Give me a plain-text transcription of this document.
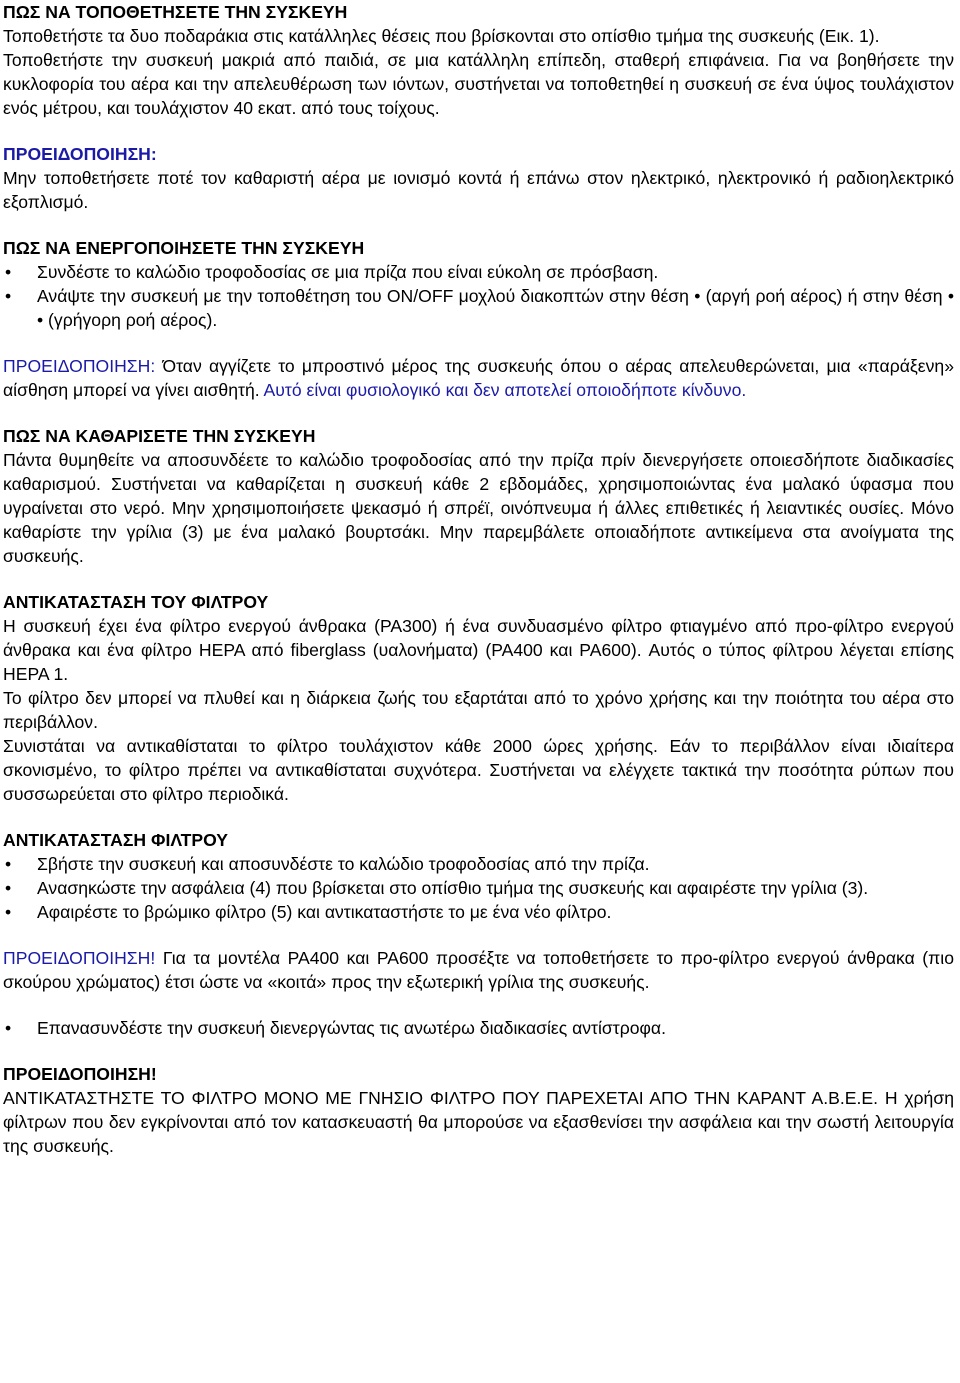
ΠΩΣ ΝΑ ΤΟΠΟΘΕΤΗΣΕΤΕ ΤΗΝ ΣΥΣΚΕΥΗ

Τοποθετήστε τα δυο ποδαράκια στις κατάλληλες θέσεις που βρίσκονται στο οπίσθιο τμήμα της συσκευής (Εικ. 1).

Τοποθετήστε την συσκευή μακριά από παιδιά, σε μια κατάλληλη επίπεδη, σταθερή επιφάνεια. Για να βοηθήσετε την κυκλοφορία του αέρα και την απελευθέρωση των ιόντων, συστήνεται να τοποθετηθεί η συσκευή σε ένα ύψος τουλάχιστον ενός μέτρου, και τουλάχιστον 40 εκατ. από τους τοίχους.

ΠΡΟΕΙΔΟΠΟΙΗΣΗ:

Μην τοποθετήσετε ποτέ τον καθαριστή αέρα με ιονισμό κοντά ή επάνω στον ηλεκτρικό, ηλεκτρονικό ή ραδιοηλεκτρικό εξοπλισμό.

ΠΩΣ ΝΑ ΕΝΕΡΓΟΠΟΙΗΣΕΤΕ ΤΗΝ ΣΥΣΚΕΥΗ
• Συνδέστε το καλώδιο τροφοδοσίας σε μια πρίζα που είναι εύκολη σε πρόσβαση.
• Ανάψτε την συσκευή με την τοποθέτηση του ON/OFF μοχλού διακοπτών στην θέση • (αργή ροή αέρος) ή στην θέση • • (γρήγορη ροή αέρος).

ΠΡΟΕΙΔΟΠΟΙΗΣΗ: Όταν αγγίζετε το μπροστινό μέρος της συσκευής όπου ο αέρας απελευθερώνεται, μια «παράξενη» αίσθηση μπορεί να γίνει αισθητή. Αυτό είναι φυσιολογικό και δεν αποτελεί οποιοδήποτε κίνδυνο.

ΠΩΣ ΝΑ ΚΑΘΑΡΙΣΕΤΕ ΤΗΝ ΣΥΣΚΕΥΗ

Πάντα θυμηθείτε να αποσυνδέετε το καλώδιο τροφοδοσίας από την πρίζα πρίν διενεργήσετε οποιεσδήποτε διαδικασίες καθαρισμού. Συστήνεται να καθαρίζεται η συσκευή κάθε 2 εβδομάδες, χρησιμοποιώντας ένα μαλακό ύφασμα που υγραίνεται στο νερό. Μην χρησιμοποιήσετε ψεκασμό ή σπρέϊ, οινόπνευμα ή άλλες επιθετικές ή λειαντικές ουσίες. Μόνο καθαρίστε την γρίλια (3) με ένα μαλακό βουρτσάκι. Μην παρεμβάλετε οποιαδήποτε αντικείμενα στα ανοίγματα της συσκευής.

ΑΝΤΙΚΑΤΑΣΤΑΣΗ ΤΟΥ ΦΙΛΤΡΟΥ

Η συσκευή έχει ένα φίλτρο ενεργού άνθρακα (PA300) ή ένα συνδυασμένο φίλτρο φτιαγμένο από προ-φίλτρο ενεργού άνθρακα και ένα φίλτρο HEPA από fiberglass (υαλονήματα) (PA400 και PA600). Αυτός ο τύπος φίλτρου λέγεται επίσης HEPA 1.

Το φίλτρο δεν μπορεί να πλυθεί και η διάρκεια ζωής του εξαρτάται από το χρόνο χρήσης και την ποιότητα του αέρα στο περιβάλλον.

Συνιστάται να αντικαθίσταται το φίλτρο τουλάχιστον κάθε 2000 ώρες χρήσης. Εάν το περιβάλλον είναι ιδιαίτερα σκονισμένο, το φίλτρο πρέπει να αντικαθίσταται συχνότερα. Συστήνεται να ελέγχετε τακτικά την ποσότητα ρύπων που συσσωρεύεται στο φίλτρο περιοδικά.

ΑΝΤΙΚΑΤΑΣΤΑΣΗ ΦΙΛΤΡΟΥ
• Σβήστε την συσκευή και αποσυνδέστε το καλώδιο τροφοδοσίας από την πρίζα.
• Ανασηκώστε την ασφάλεια (4) που βρίσκεται στο οπίσθιο τμήμα της συσκευής και αφαιρέστε την γρίλια (3).
• Αφαιρέστε το βρώμικο φίλτρο (5) και αντικαταστήστε το με ένα νέο φίλτρο.

ΠΡΟΕΙΔΟΠΟΙΗΣΗ! Για τα μοντέλα PA400 και PA600 προσέξτε να τοποθετήσετε το προ-φίλτρο ενεργού άνθρακα (πιο σκούρου χρώματος) έτσι ώστε να «κοιτά» προς την εξωτερική γρίλια της συσκευής.

• Επανασυνδέστε την συσκευή διενεργώντας τις ανωτέρω διαδικασίες αντίστροφα.
ΠΡΟΕΙΔΟΠΟΙΗΣΗ!

ΑΝΤΙΚΑΤΑΣΤΗΣΤΕ ΤΟ ΦΙΛΤΡΟ ΜΟΝΟ ΜΕ ΓΝΗΣΙΟ ΦΙΛΤΡΟ ΠΟΥ ΠΑΡΕΧΕΤΑΙ ΑΠΟ ΤΗΝ ΚΑΡΑΝΤ Α.Β.Ε.Ε. Η χρήση φίλτρων που δεν εγκρίνονται από τον κατασκευαστή θα μπορούσε να εξασθενίσει την ασφάλεια και την σωστή λειτουργία της συσκευής.
